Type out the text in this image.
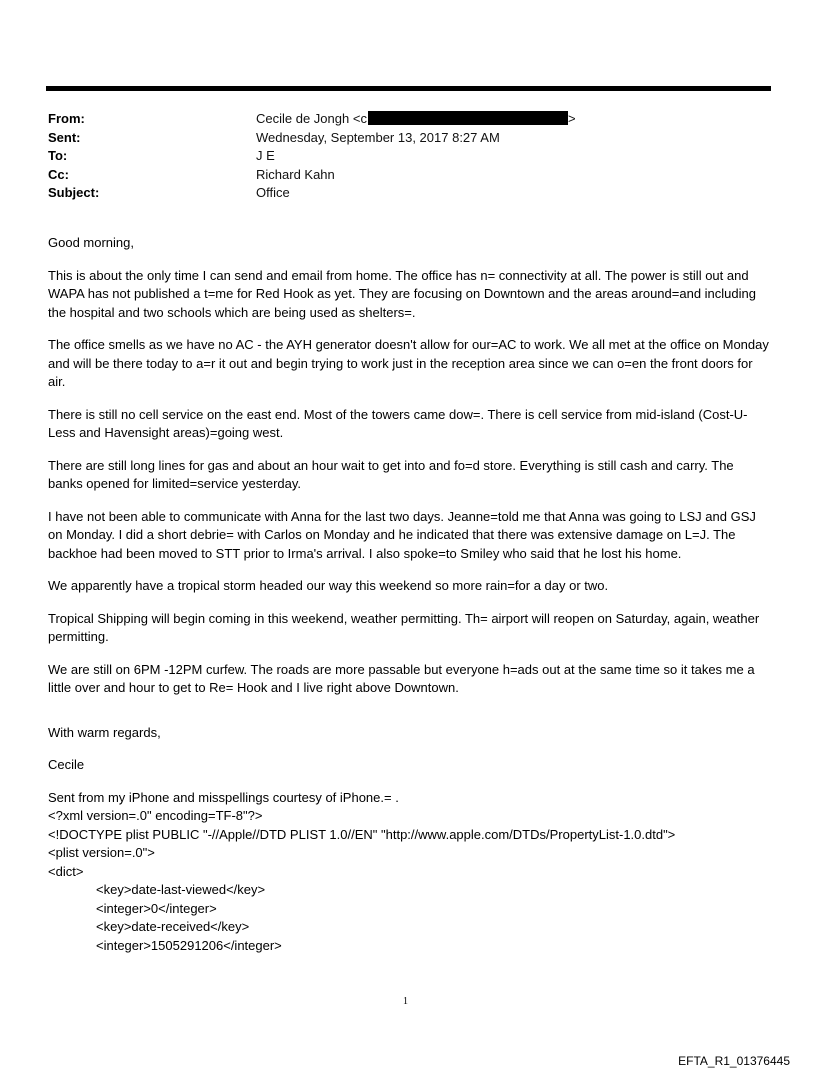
From:	Cecile de Jongh <c	>
Sent:	Wednesday, September 13, 2017 8:27 AM
To:	J E
Cc:	Richard Kahn
Subject:	Office

Good morning,

This is about the only time I can send and email from home. The office has n= connectivity at all. The power is still out and WAPA has not published a t=me for Red Hook as yet. They are focusing on Downtown and the areas around=and including the hospital and two schools which are being used as shelters=.

The office smells as we have no AC - the AYH generator doesn't allow for our=AC to work. We all met at the office on Monday and will be there today to a=r it out and begin trying to work just in the reception area since we can o=en the front doors for air.

There is still no cell service on the east end. Most of the towers came dow=. There is cell service from mid-island (Cost-U-Less and Havensight areas)=going west.

There are still long lines for gas and about an hour wait to get into and fo=d store. Everything is still cash and carry. The banks opened for limited=service yesterday.

I have not been able to communicate with Anna for the last two days. Jeanne=told me that Anna was going to LSJ and GSJ on Monday. I did a short debrie= with Carlos on Monday and he indicated that there was extensive damage on L=J. The backhoe had been moved to STT prior to Irma's arrival. I also spoke=to Smiley who said that he lost his home.

We apparently have a tropical storm headed our way this weekend so more rain=for a day or two.

Tropical Shipping will begin coming in this weekend, weather permitting. Th= airport will reopen on Saturday, again, weather permitting.

We are still on 6PM -12PM curfew. The roads are more passable but everyone h=ads out at the same time so it takes me a little over and hour to get to Re= Hook and I live right above Downtown.

With warm regards,

Cecile

Sent from my iPhone and misspellings courtesy of iPhone.= .
<?xml version=.0" encoding=TF-8"?>
<!DOCTYPE plist PUBLIC "-//Apple//DTD PLIST 1.0//EN" "http://www.apple.com/DTDs/PropertyList-1.0.dtd">
<plist version=.0">
<dict>
<key>date-last-viewed</key>
<integer>0</integer>
<key>date-received</key>
<integer>1505291206</integer>
1
EFTA_R1_01376445
